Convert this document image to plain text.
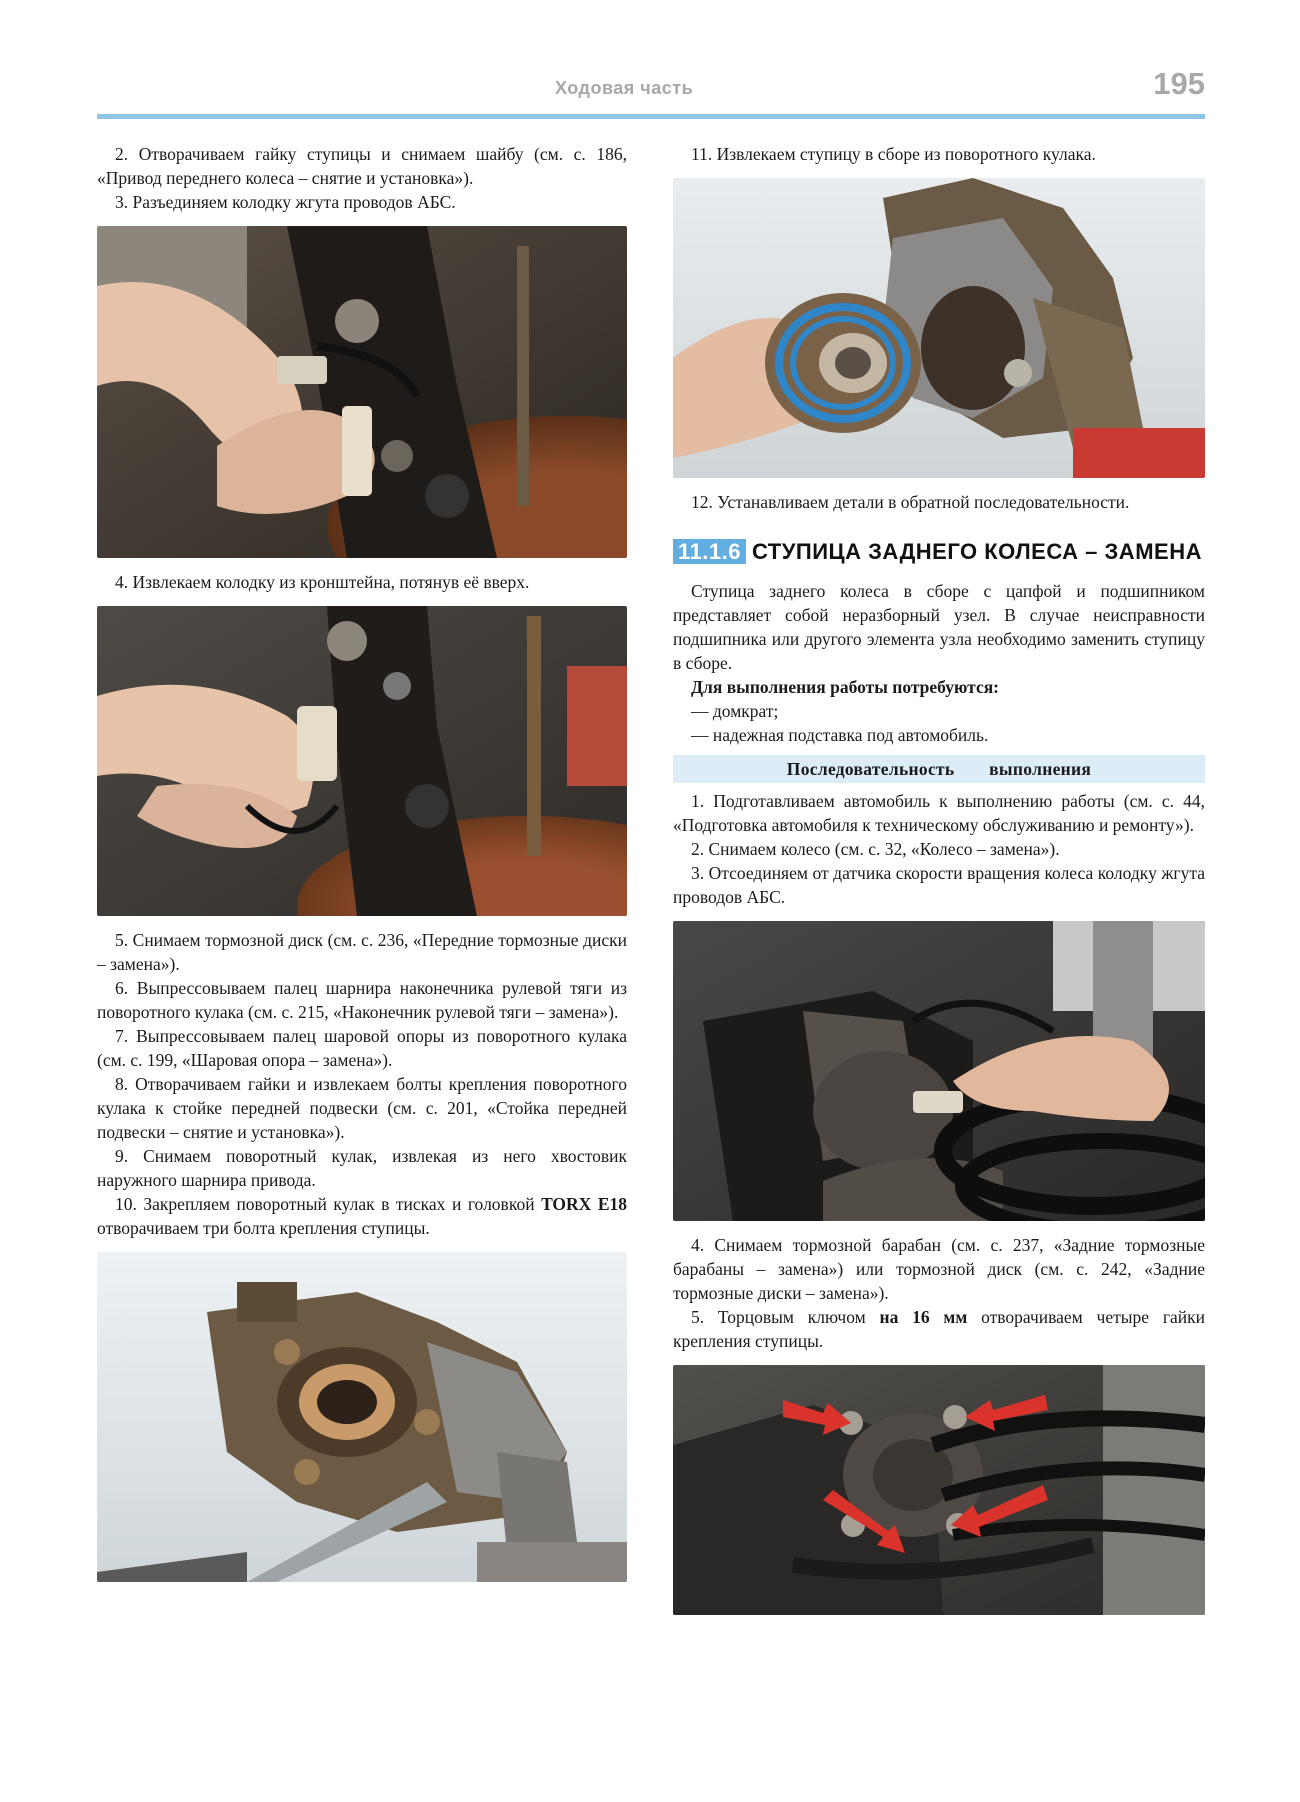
Ходовая часть	195

2. Отворачиваем гайку ступицы и снимаем шайбу (см. с. 186, «Привод переднего колеса – снятие и установка»).

3. Разъединяем колодку жгута проводов АБС.

4. Извлекаем колодку из кронштейна, потянув её вверх.

5. Снимаем тормозной диск (см. с. 236, «Передние тормозные диски – замена»).

6. Выпрессовываем палец шарнира наконечника рулевой тяги из поворотного кулака (см. с. 215, «Наконечник рулевой тяги – замена»).

7. Выпрессовываем палец шаровой опоры из поворотного кулака (см. с. 199, «Шаровая опора – замена»).

8. Отворачиваем гайки и извлекаем болты крепления поворотного кулака к стойке передней подвески (см. с. 201, «Стойка передней подвески – снятие и установка»).

9. Снимаем поворотный кулак, извлекая из него хвостовик наружного шарнира привода.

10. Закрепляем поворотный кулак в тисках и головкой TORX E18 отворачиваем три болта крепления ступицы.

11. Извлекаем ступицу в сборе из поворотного кулака.

12. Устанавливаем детали в обратной последовательности.

11.1.6 СТУПИЦА ЗАДНЕГО КОЛЕСА – ЗАМЕНА

Ступица заднего колеса в сборе с цапфой и подшипником представляет собой неразборный узел. В случае неисправности подшипника или другого элемента узла необходимо заменить ступицу в сборе.

Для выполнения работы потребуются:

— домкрат;

— надежная подставка под автомобиль.

Последовательность выполнения

1. Подготавливаем автомобиль к выполнению работы (см. с. 44, «Подготовка автомобиля к техническому обслуживанию и ремонту»).

2. Снимаем колесо (см. с. 32, «Колесо – замена»).

3. Отсоединяем от датчика скорости вращения колеса колодку жгута проводов АБС.

4. Снимаем тормозной барабан (см. с. 237, «Задние тормозные барабаны – замена») или тормозной диск (см. с. 242, «Задние тормозные диски – замена»).

5. Торцовым ключом на 16 мм отворачиваем четыре гайки крепления ступицы.
